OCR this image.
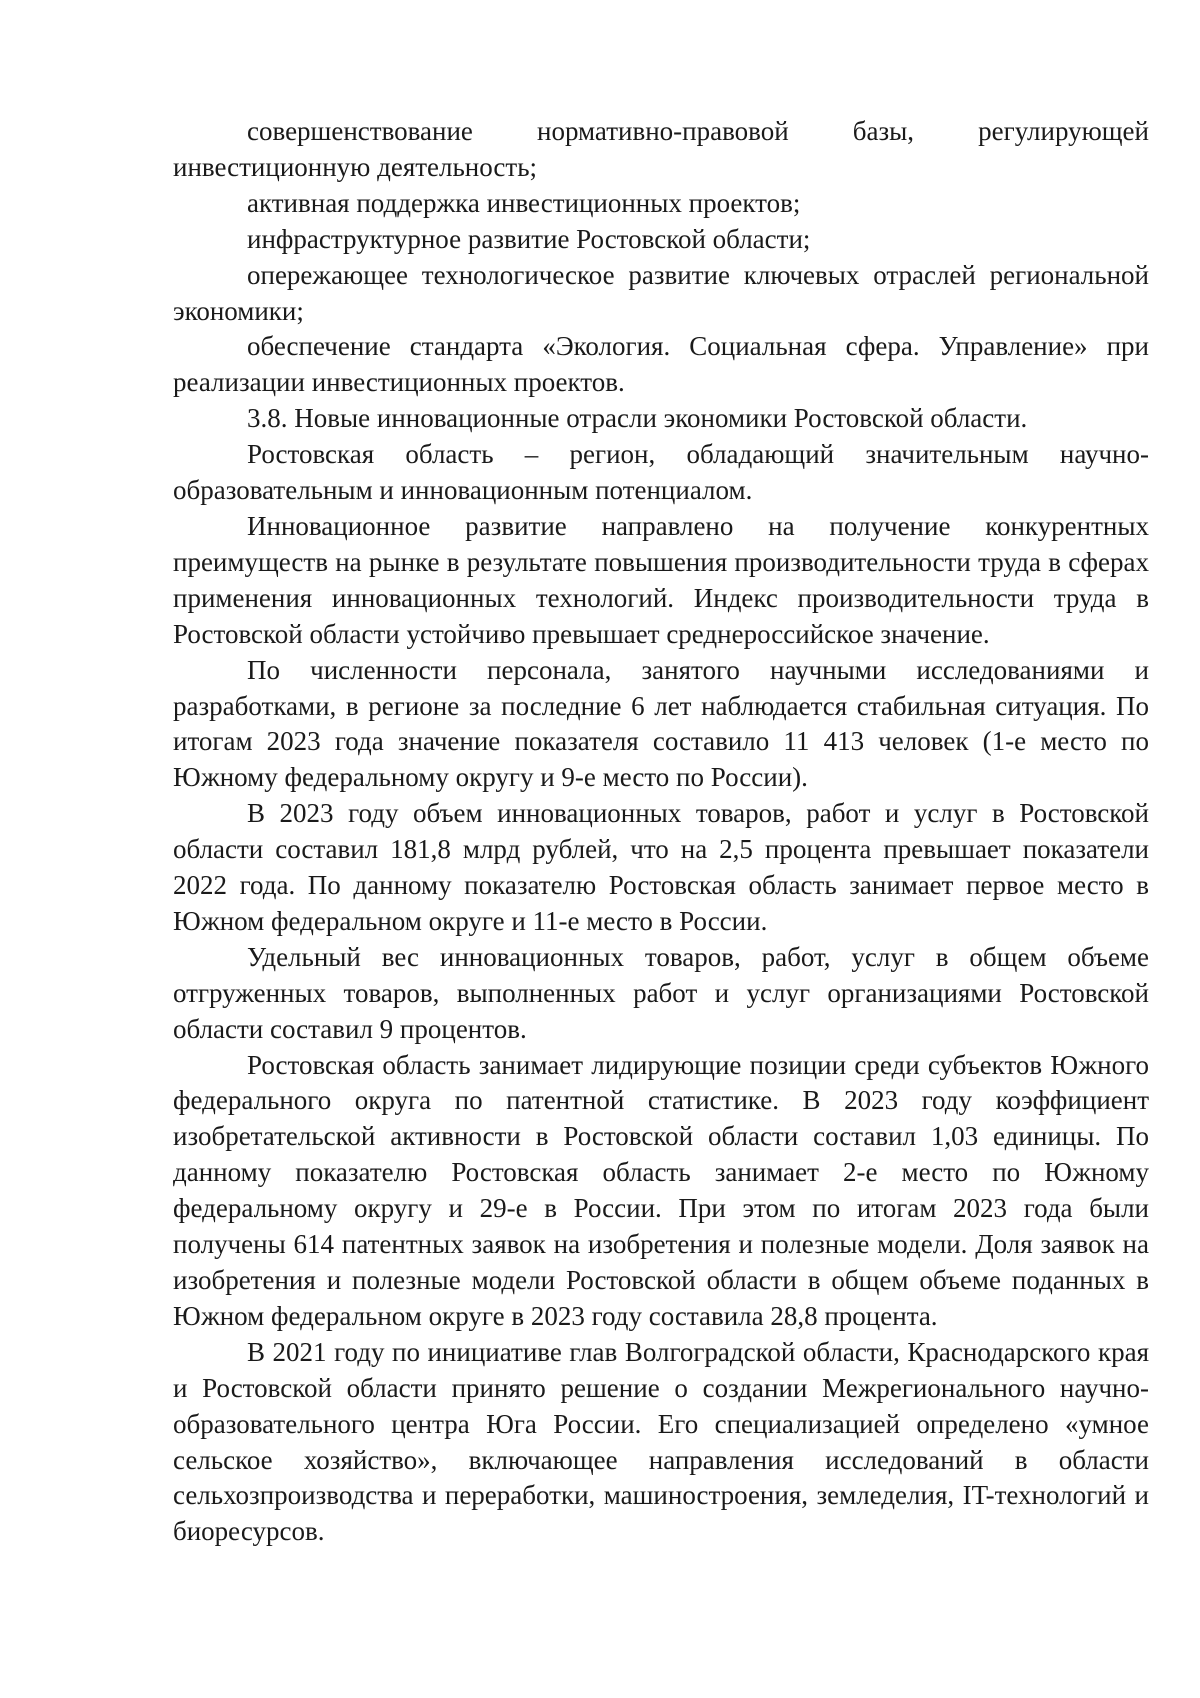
совершенствование нормативно-правовой базы, регулирующей инвестиционную деятельность;

активная поддержка инвестиционных проектов;

инфраструктурное развитие Ростовской области;

опережающее технологическое развитие ключевых отраслей региональной экономики;

обеспечение стандарта «Экология. Социальная сфера. Управление» при реализации инвестиционных проектов.

3.8. Новые инновационные отрасли экономики Ростовской области.

Ростовская область – регион, обладающий значительным научно-образовательным и инновационным потенциалом.

Инновационное развитие направлено на получение конкурентных преимуществ на рынке в результате повышения производительности труда в сферах применения инновационных технологий. Индекс производительности труда в Ростовской области устойчиво превышает среднероссийское значение.

По численности персонала, занятого научными исследованиями и разработками, в регионе за последние 6 лет наблюдается стабильная ситуация. По итогам 2023 года значение показателя составило 11 413 человек (1-е место по Южному федеральному округу и 9-е место по России).

В 2023 году объем инновационных товаров, работ и услуг в Ростовской области составил 181,8 млрд рублей, что на 2,5 процента превышает показатели 2022 года. По данному показателю Ростовская область занимает первое место в Южном федеральном округе и 11-е место в России.

Удельный вес инновационных товаров, работ, услуг в общем объеме отгруженных товаров, выполненных работ и услуг организациями Ростовской области составил 9 процентов.

Ростовская область занимает лидирующие позиции среди субъектов Южного федерального округа по патентной статистике. В 2023 году коэффициент изобретательской активности в Ростовской области составил 1,03 единицы. По данному показателю Ростовская область занимает 2-е место по Южному федеральному округу и 29-е в России. При этом по итогам 2023 года были получены 614 патентных заявок на изобретения и полезные модели. Доля заявок на изобретения и полезные модели Ростовской области в общем объеме поданных в Южном федеральном округе в 2023 году составила 28,8 процента.

В 2021 году по инициативе глав Волгоградской области, Краснодарского края и Ростовской области принято решение о создании Межрегионального научно-образовательного центра Юга России. Его специализацией определено «умное сельское хозяйство», включающее направления исследований в области сельхозпроизводства и переработки, машиностроения, земледелия, IT-технологий и биоресурсов.
